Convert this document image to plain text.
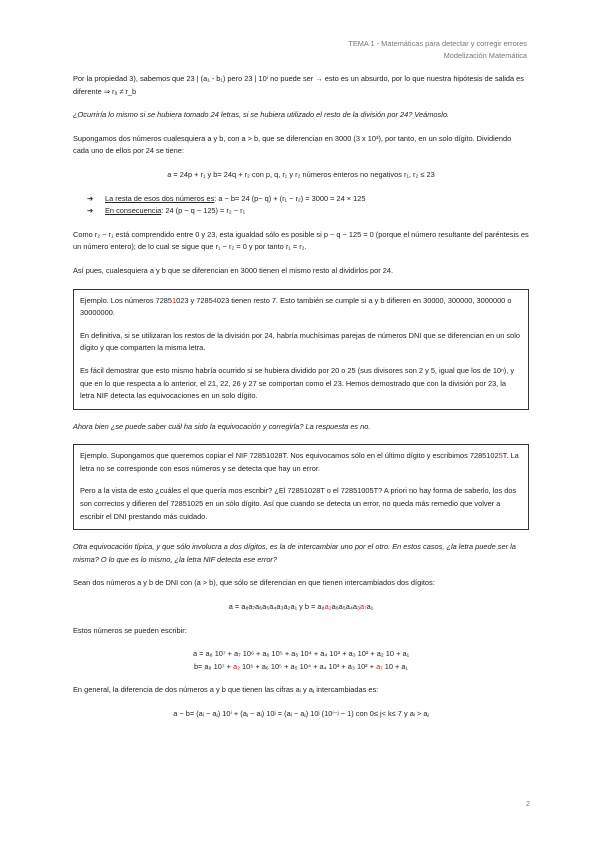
TEMA 1 - Matemáticas para detectar y corregir errores
Modelización Matemática

Por la propiedad 3), sabemos que 23 | (a₁ - b₁) pero 23 | 10ⁱ no puede ser → esto es un absurdo, por lo que nuestra hipótesis de salida es diferente ⇒ rₐ ≠ r_b

¿Ocurriría lo mismo si se hubiera tomado 24 letras, si se hubiera utilizado el resto de la división por 24? Veámoslo.

Supongamos dos números cualesquiera a y b, con a > b, que se diferencian en 3000 (3 x 10³), por tanto, en un solo dígito. Dividiendo cada uno de ellos por 24 se tiene:

a = 24p + r₁ y b= 24q + r₂ con p, q, r₁ y r₂ números enteros no negativos r₁, r₂ ≤ 23

➔ La resta de esos dos números es: a − b= 24 (p− q) + (r₁ − r₂) = 3000 = 24 × 125
➔ En consecuencia: 24 (p − q − 125) = r₂ − r₁

Como r₂ − r₁ está comprendido entre 0 y 23, esta igualdad sólo es posible si p − q − 125 = 0 (porque el número resultante del paréntesis es un número entero); de lo cual se sigue que r₁ − r₂ = 0 y por tanto r₁ = r₂.

Así pues, cualesquiera a y b que se diferencian en 3000 tienen el mismo resto al dividirlos por 24.

Ejemplo. Los números 72851023 y 72854023 tienen resto 7. Esto también se cumple si a y b difieren en 30000, 300000, 3000000 o 30000000.

En definitiva, si se utilizaran los restos de la división por 24, habría muchísimas parejas de números DNI que se diferencian en un solo dígito y que comparten la misma letra.

Es fácil demostrar que esto mismo habría ocurrido si se hubiera dividido por 20 o 25 (sus divisores son 2 y 5, igual que los de 10ⁿ), y que en lo que respecta a lo anterior, el 21, 22, 26 y 27 se comportan como el 23. Hemos demostrado que con la división por 23, la letra NIF detecta las equivocaciones en un solo dígito.

Ahora bien ¿se puede saber cuál ha sido la equivocación y corregirla? La respuesta es no.

Ejemplo. Supongamos que queremos copiar el NIF 72851028T. Nos equivocamos sólo en el último dígito y escribimos 72851025T. La letra no se corresponde con esos números y se detecta que hay un error.

Pero a la vista de esto ¿cuáles el que quería mos escribir? ¿El 72851028T o el 72851005T? A priori no hay forma de saberlo, los dos son correctos y difieren del 72851025 en un sólo dígito. Así que cuando se detecta un error, no queda más remedio que volver a escribir el DNI prestando más cuidado.

Otra equivocación típica, y que sólo involucra a dos dígitos, es la de intercambiar uno por el otro. En estos casos, ¿la letra puede ser la misma? O lo que es lo mismo, ¿la letra NIF detecta ese error?

Sean dos números a y b de DNI con (a > b), que sólo se diferencian en que tienen intercambiados dos dígitos:

a = a₈a₇a₆a₅a₄a₃a₂a₁ y b = a₈a₂a₆a₅a₄a₃a₇a₁

Estos números se pueden escribir:

a = a₈ 10⁷ + a₇ 10⁶ + a₆ 10⁵ + a₅ 10⁴ + a₄ 10³ + a₃ 10² + a₂ 10 + a₁
b= a₈ 10⁷ + a₂ 10⁶ + a₆ 10⁵ + a₅ 10⁴ + a₄ 10³ + a₃ 10² + a₇ 10 + a₁

En general, la diferencia de dos números a y b que tienen las cifras aᵢ y aⱼ intercambiadas es:

a − b= (aᵢ − aⱼ) 10ⁱ + (aⱼ − aᵢ) 10ʲ = (aᵢ − aⱼ) 10ʲ (10ⁱ⁻ʲ − 1) con 0≤ j< k≤ 7 y aᵢ > aⱼ

2
